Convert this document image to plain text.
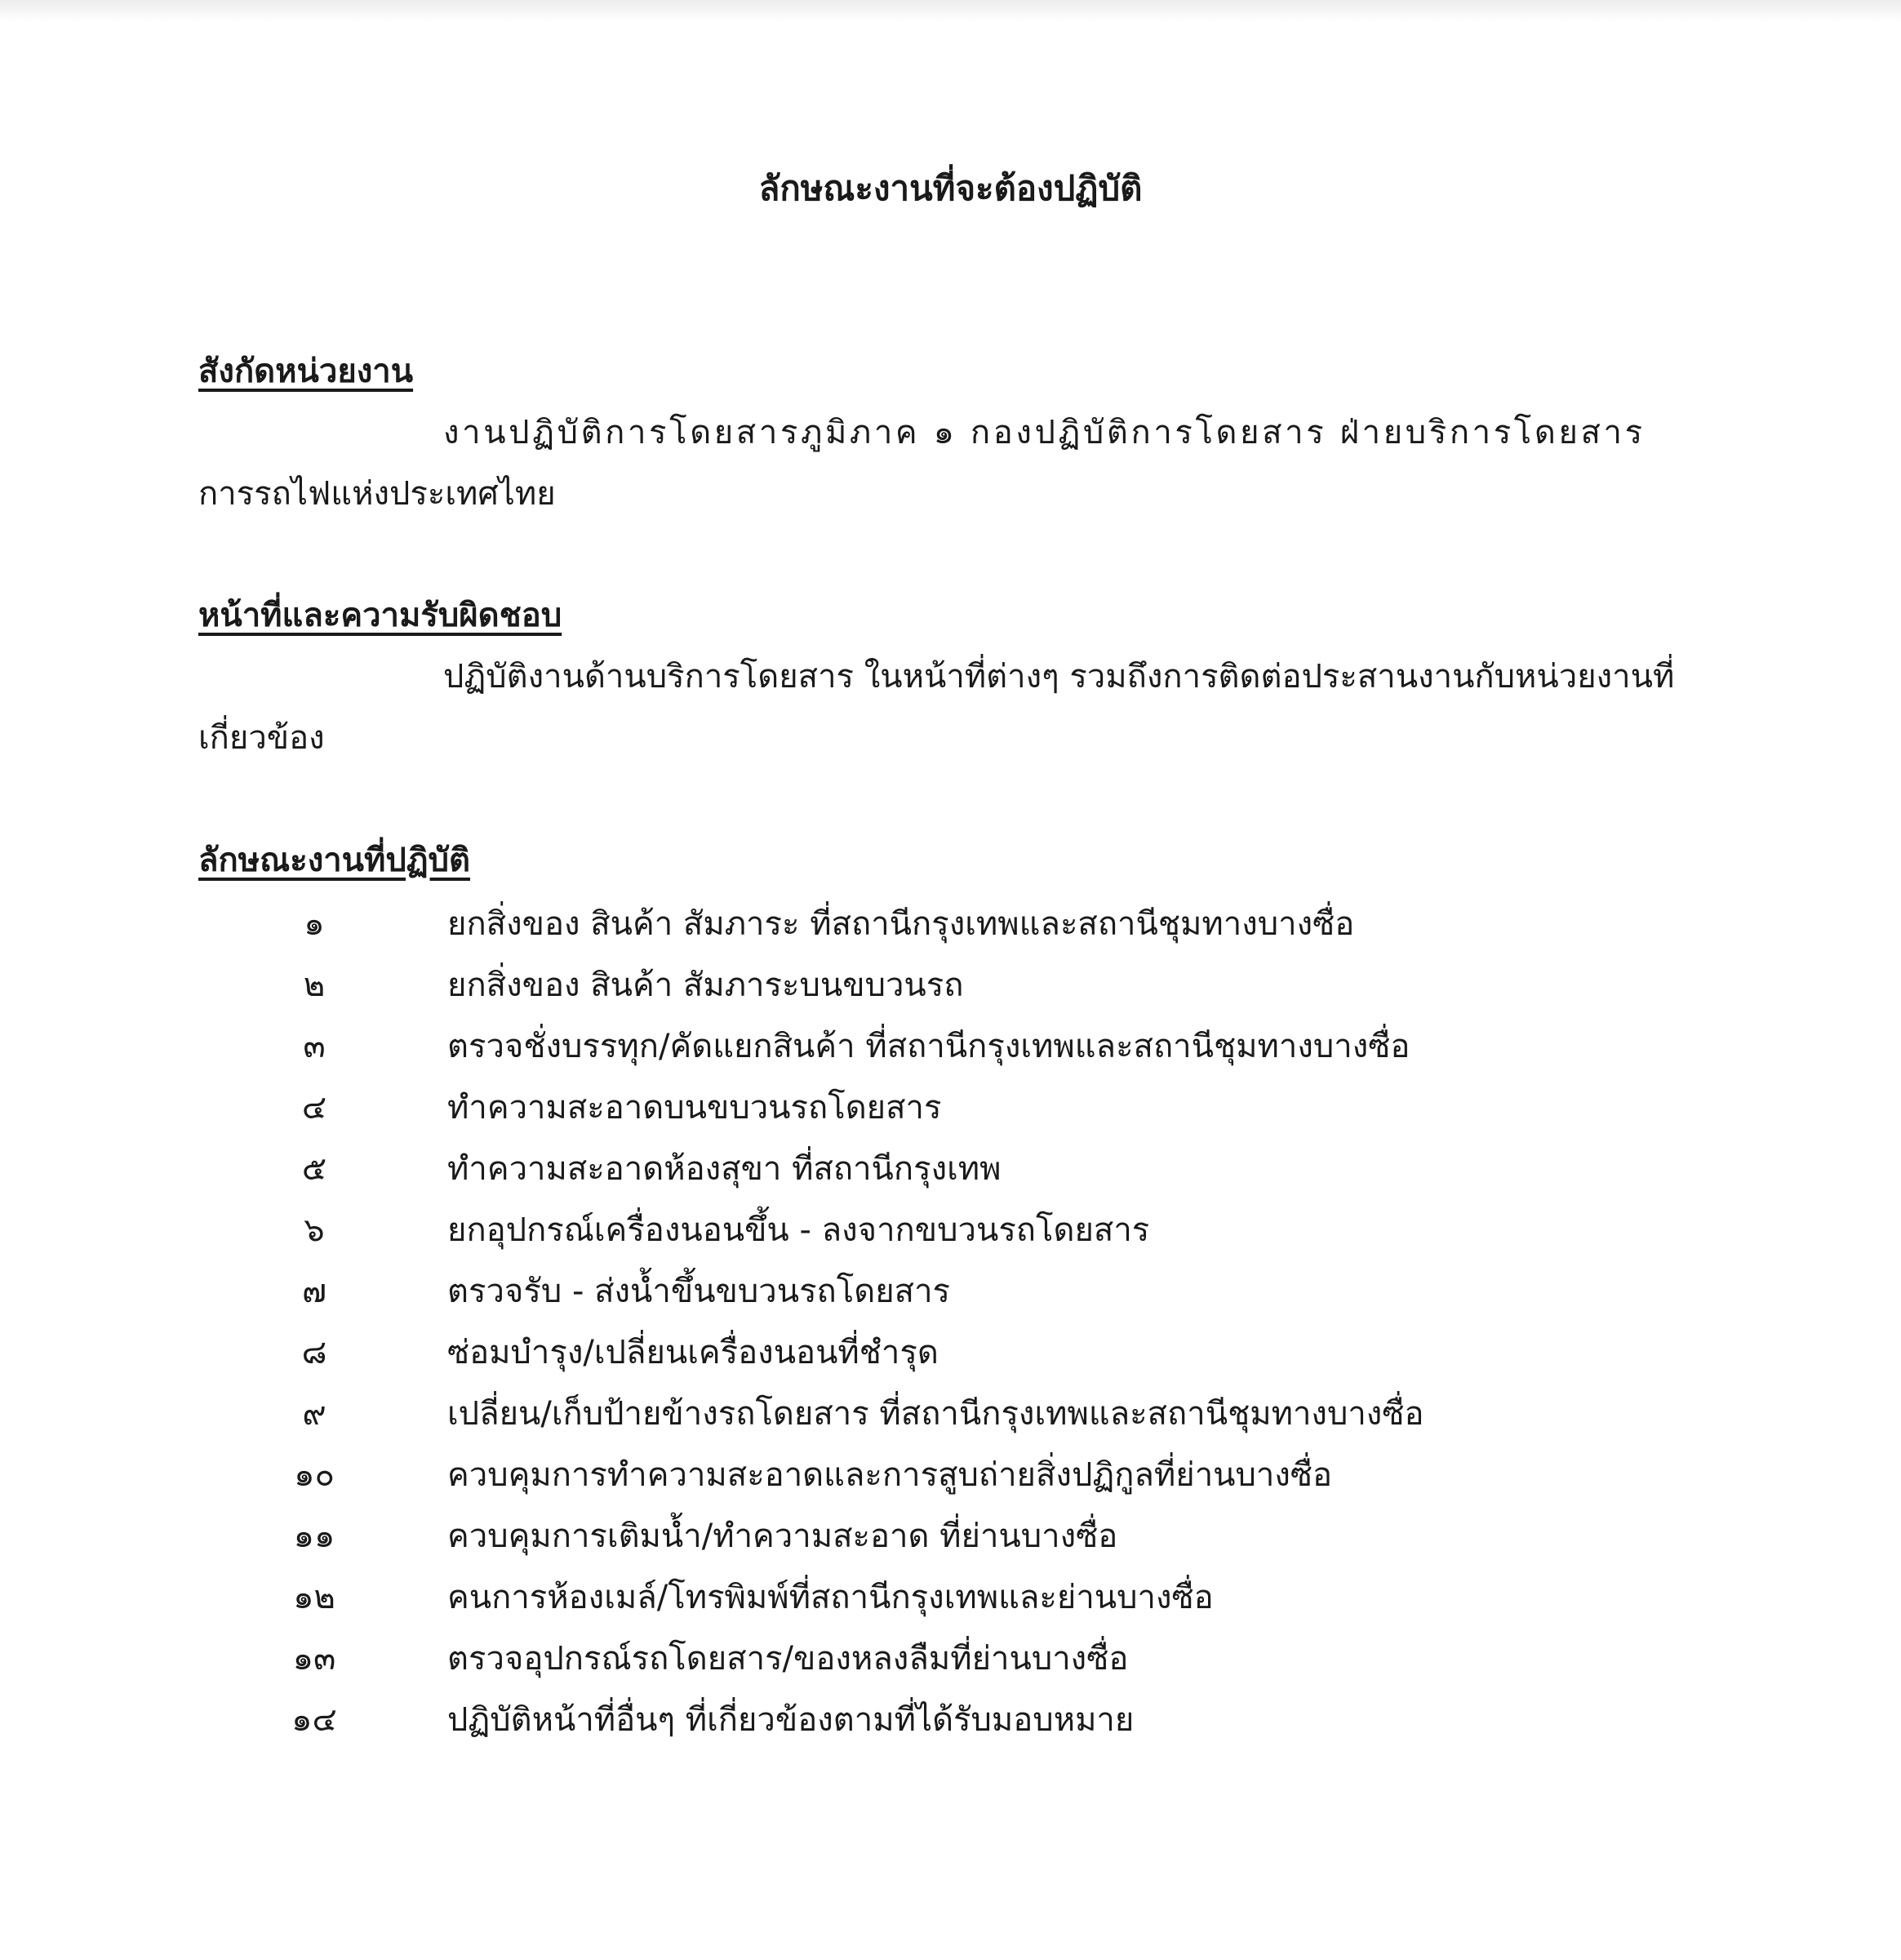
ลักษณะงานที่จะต้องปฏิบัติ
สังกัดหน่วยงาน
งานปฏิบัติการโดยสารภูมิภาค ๑ กองปฏิบัติการโดยสาร ฝ่ายบริการโดยสาร
การรถไฟแห่งประเทศไทย
หน้าที่และความรับผิดชอบ
ปฏิบัติงานด้านบริการโดยสาร ในหน้าที่ต่างๆ รวมถึงการติดต่อประสานงานกับหน่วยงานที่
เกี่ยวข้อง
ลักษณะงานที่ปฏิบัติ
๑	ยกสิ่งของ สินค้า สัมภาระ ที่สถานีกรุงเทพและสถานีชุมทางบางซื่อ
๒	ยกสิ่งของ สินค้า สัมภาระบนขบวนรถ
๓	ตรวจชั่งบรรทุก/คัดแยกสินค้า ที่สถานีกรุงเทพและสถานีชุมทางบางซื่อ
๔	ทำความสะอาดบนขบวนรถโดยสาร
๕	ทำความสะอาดห้องสุขา ที่สถานีกรุงเทพ
๖	ยกอุปกรณ์เครื่องนอนขึ้น - ลงจากขบวนรถโดยสาร
๗	ตรวจรับ - ส่งน้ำขึ้นขบวนรถโดยสาร
๘	ซ่อมบำรุง/เปลี่ยนเครื่องนอนที่ชำรุด
๙	เปลี่ยน/เก็บป้ายข้างรถโดยสาร ที่สถานีกรุงเทพและสถานีชุมทางบางซื่อ
๑๐	ควบคุมการทำความสะอาดและการสูบถ่ายสิ่งปฏิกูลที่ย่านบางซื่อ
๑๑	ควบคุมการเติมน้ำ/ทำความสะอาด ที่ย่านบางซื่อ
๑๒	คนการห้องเมล์/โทรพิมพ์ที่สถานีกรุงเทพและย่านบางซื่อ
๑๓	ตรวจอุปกรณ์รถโดยสาร/ของหลงลืมที่ย่านบางซื่อ
๑๔	ปฏิบัติหน้าที่อื่นๆ ที่เกี่ยวข้องตามที่ได้รับมอบหมาย
